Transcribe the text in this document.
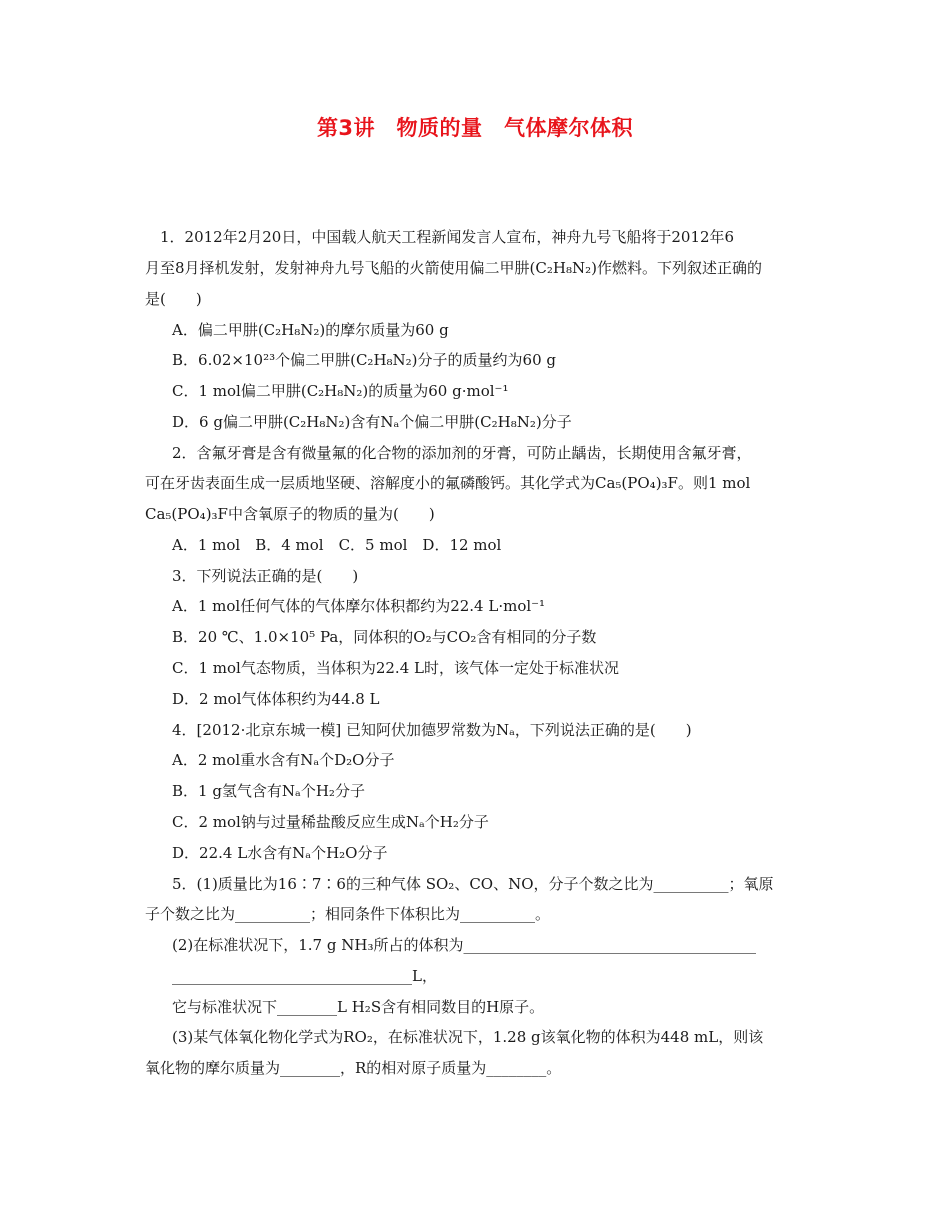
第3讲　物质的量　气体摩尔体积
　1．2012年2月20日，中国载人航天工程新闻发言人宣布，神舟九号飞船将于2012年6
月至8月择机发射，发射神舟九号飞船的火箭使用偏二甲肼(C₂H₈N₂)作燃料。下列叙述正确的
是(　　)
A．偏二甲肼(C₂H₈N₂)的摩尔质量为60 g
B．6.02×10²³个偏二甲肼(C₂H₈N₂)分子的质量约为60 g
C．1 mol偏二甲肼(C₂H₈N₂)的质量为60 g·mol⁻¹
D．6 g偏二甲肼(C₂H₈N₂)含有Nₐ个偏二甲肼(C₂H₈N₂)分子
2．含氟牙膏是含有微量氟的化合物的添加剂的牙膏，可防止龋齿，长期使用含氟牙膏，
可在牙齿表面生成一层质地坚硬、溶解度小的氟磷酸钙。其化学式为Ca₅(PO₄)₃F。则1 mol
Ca₅(PO₄)₃F中含氧原子的物质的量为(　　)
A．1 mol　B．4 mol　C．5 mol　D．12 mol
3．下列说法正确的是(　　)
A．1 mol任何气体的气体摩尔体积都约为22.4 L·mol⁻¹
B．20 ℃、1.0×10⁵ Pa，同体积的O₂与CO₂含有相同的分子数
C．1 mol气态物质，当体积为22.4 L时，该气体一定处于标准状况
D．2 mol气体体积约为44.8 L
4．[2012·北京东城一模] 已知阿伏加德罗常数为Nₐ，下列说法正确的是(　　)
A．2 mol重水含有Nₐ个D₂O分子
B．1 g氢气含有Nₐ个H₂分子
C．2 mol钠与过量稀盐酸反应生成Nₐ个H₂分子
D．22.4 L水含有Nₐ个H₂O分子
5．(1)质量比为16∶7∶6的三种气体 SO₂、CO、NO，分子个数之比为__________；氧原
子个数之比为__________；相同条件下体积比为__________。
(2)在标准状况下，1.7 g NH₃所占的体积为_______________________________________
________________________________L，
它与标准状况下________L H₂S含有相同数目的H原子。
(3)某气体氧化物化学式为RO₂，在标准状况下，1.28 g该氧化物的体积为448 mL，则该
氧化物的摩尔质量为________，R的相对原子质量为________。
